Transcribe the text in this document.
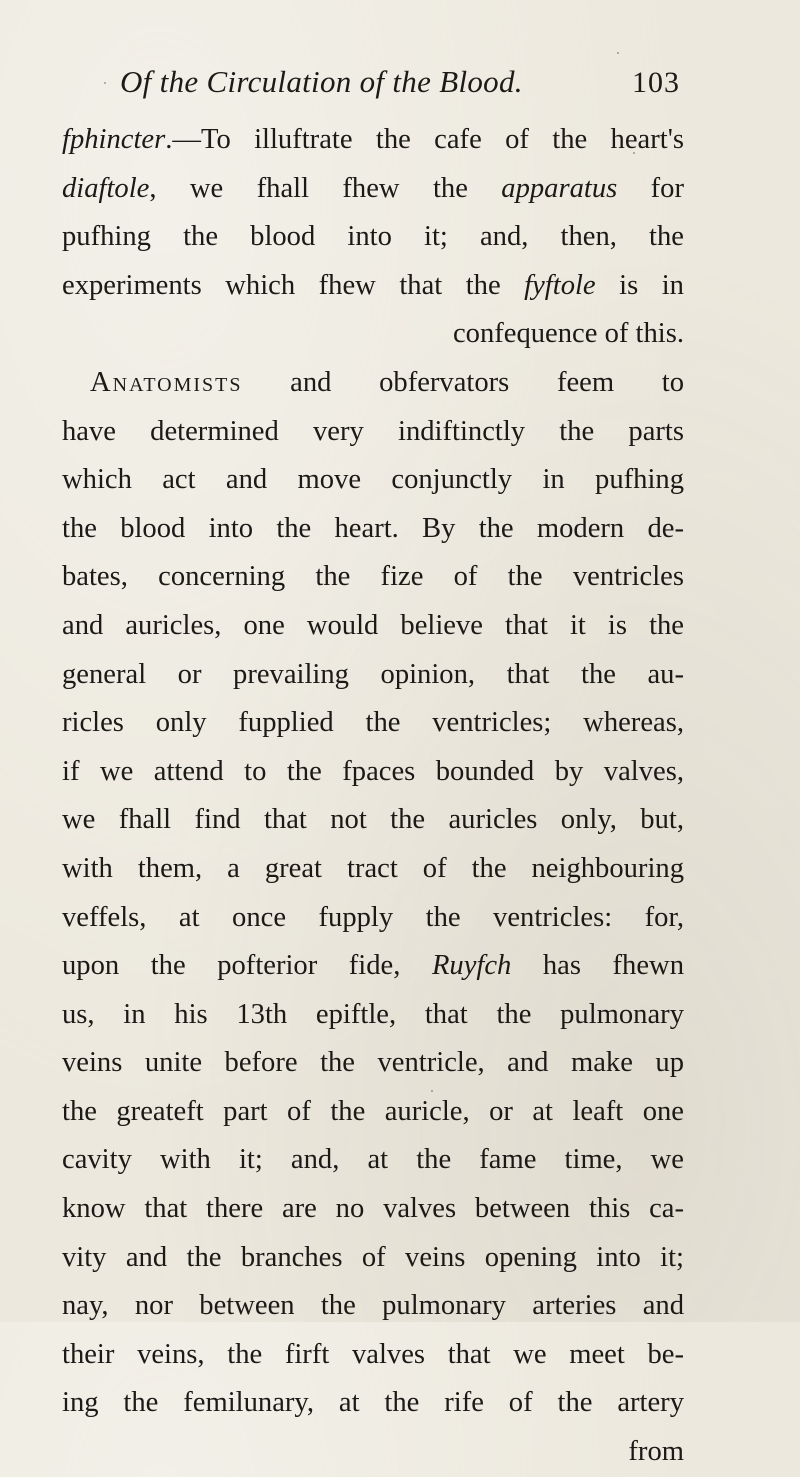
Of the Circulation of the Blood.	103
fphincter.—To illuftrate the cafe of the heart's
diaftole, we fhall fhew the apparatus for
pufhing the blood into it; and, then, the
experiments which fhew that the fyftole is in
confequence of this.
Anatomists and obfervators feem to
have determined very indiftinctly the parts
which act and move conjunctly in pufhing
the blood into the heart. By the modern de-
bates, concerning the fize of the ventricles
and auricles, one would believe that it is the
general or prevailing opinion, that the au-
ricles only fupplied the ventricles; whereas,
if we attend to the fpaces bounded by valves,
we fhall find that not the auricles only, but,
with them, a great tract of the neighbouring
veffels, at once fupply the ventricles: for,
upon the pofterior fide, Ruyfch has fhewn
us, in his 13th epiftle, that the pulmonary
veins unite before the ventricle, and make up
the greateft part of the auricle, or at leaft one
cavity with it; and, at the fame time, we
know that there are no valves between this ca-
vity and the branches of veins opening into it;
nay, nor between the pulmonary arteries and
their veins, the firft valves that we meet be-
ing the femilunary, at the rife of the artery
from
